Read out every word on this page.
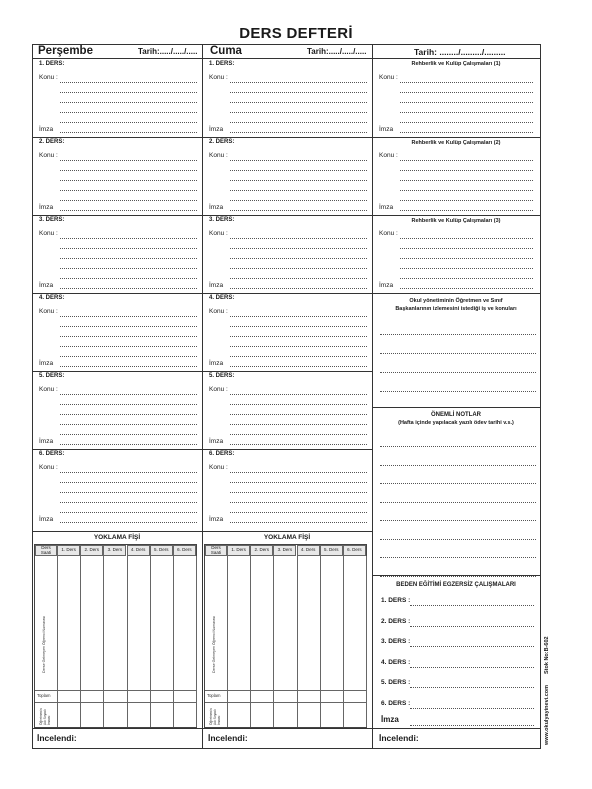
DERS DEFTERİ
Perşembe	Tarih:...../...../..... Cuma	Tarih:...../...../.....	Tarih: ......../........./.........
1. DERS:
Konu :
İmza
1. DERS:
Konu :
İmza
2. DERS:
Konu :
İmza
2. DERS:
Konu :
İmza
3. DERS:
Konu :
İmza
3. DERS:
Konu :
İmza
4. DERS:
Konu :
İmza
4. DERS:
Konu :
İmza
5. DERS:
Konu :
İmza
5. DERS:
Konu :
İmza
6. DERS:
Konu :
İmza
6. DERS:
Konu :
İmza
Konu :
İmza
Konu :
İmza
Konu :
İmza
Rehberlik ve Kulüp Çalışmaları (1)
Rehberlik ve Kulüp Çalışmaları (2)
Rehberlik ve Kulüp Çalışmaları (3)
Okul yönetiminin Öğretmen ve Sınıf
Başkanlarının izlemesini istediği iş ve konuları
ÖNEMLİ NOTLAR
(Hafta içinde yapılacak yazılı ödev tarihi v.s.)
BEDEN EĞİTİMİ EGZERSİZ ÇALIŞMALARI
1. DERS :
2. DERS :
3. DERS :
4. DERS :
5. DERS :
6. DERS :
İmza
YOKLAMA FİŞİ	YOKLAMA FİŞİ
Ders Saati	1. Ders	2. Ders	3. Ders	4. Ders	5. Ders	6. Ders
Derse Gelmeyen Öğrenci Numarası
Toplam
Öğretmenin Adı Soyadı İmzası
Ders Saati	1. Ders	2. Ders	3. Ders	4. Ders	5. Ders	6. Ders
Derse Gelmeyen Öğrenci Numarası
Toplam
Öğretmenin Adı Soyadı İmzası
İncelendi:	İncelendi:	İncelendi:	www.okulyayinevi.com
Stok No:B-602
